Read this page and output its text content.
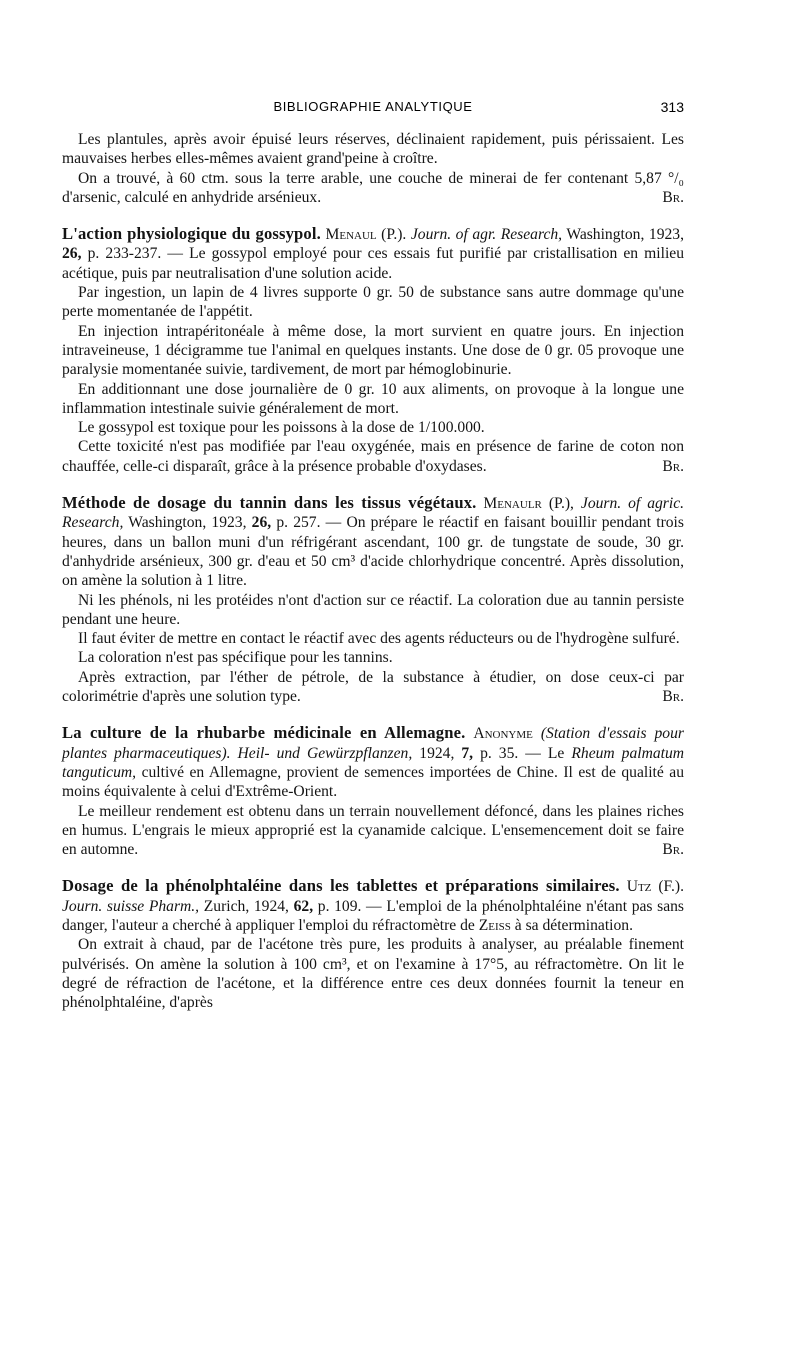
BIBLIOGRAPHIE ANALYTIQUE	313

Les plantules, après avoir épuisé leurs réserves, déclinaient rapidement, puis périssaient. Les mauvaises herbes elles-mêmes avaient grand'peine à croître.

On a trouvé, à 60 ctm. sous la terre arable, une couche de minerai de fer contenant 5,87 °/₀ d'arsenic, calculé en anhydride arsénieux.	Br.

L'action physiologique du gossypol. Menaul (P.). Journ. of agr. Research, Washington, 1923, 26, p. 233-237. — Le gossypol employé pour ces essais fut purifié par cristallisation en milieu acétique, puis par neutralisation d'une solution acide.

Par ingestion, un lapin de 4 livres supporte 0 gr. 50 de substance sans autre dommage qu'une perte momentanée de l'appétit.

En injection intrapéritonéale à même dose, la mort survient en quatre jours. En injection intraveineuse, 1 décigramme tue l'animal en quelques instants. Une dose de 0 gr. 05 provoque une paralysie momentanée suivie, tardivement, de mort par hémoglobinurie.

En additionnant une dose journalière de 0 gr. 10 aux aliments, on provoque à la longue une inflammation intestinale suivie généralement de mort.

Le gossypol est toxique pour les poissons à la dose de 1/100.000.

Cette toxicité n'est pas modifiée par l'eau oxygénée, mais en présence de farine de coton non chauffée, celle-ci disparaît, grâce à la présence probable d'oxydases.	Br.

Méthode de dosage du tannin dans les tissus végétaux. Menaulr (P.), Journ. of agric. Research, Washington, 1923, 26, p. 257. — On prépare le réactif en faisant bouillir pendant trois heures, dans un ballon muni d'un réfrigérant ascendant, 100 gr. de tungstate de soude, 30 gr. d'anhydride arsénieux, 300 gr. d'eau et 50 cm³ d'acide chlorhydrique concentré. Après dissolution, on amène la solution à 1 litre.

Ni les phénols, ni les protéides n'ont d'action sur ce réactif. La coloration due au tannin persiste pendant une heure.

Il faut éviter de mettre en contact le réactif avec des agents réducteurs ou de l'hydrogène sulfuré.

La coloration n'est pas spécifique pour les tannins.

Après extraction, par l'éther de pétrole, de la substance à étudier, on dose ceux-ci par colorimétrie d'après une solution type.	Br.

La culture de la rhubarbe médicinale en Allemagne. Anonyme (Station d'essais pour plantes pharmaceutiques). Heil- und Gewürzpflanzen, 1924, 7, p. 35. — Le Rheum palmatum tanguticum, cultivé en Allemagne, provient de semences importées de Chine. Il est de qualité au moins équivalente à celui d'Extrême-Orient.

Le meilleur rendement est obtenu dans un terrain nouvellement défoncé, dans les plaines riches en humus. L'engrais le mieux approprié est la cyanamide calcique. L'ensemencement doit se faire en automne.	Br.

Dosage de la phénolphtaléine dans les tablettes et préparations similaires. Utz (F.). Journ. suisse Pharm., Zurich, 1924, 62, p. 109. — L'emploi de la phénolphtaléine n'étant pas sans danger, l'auteur a cherché à appliquer l'emploi du réfractomètre de Zeiss à sa détermination.

On extrait à chaud, par de l'acétone très pure, les produits à analyser, au préalable finement pulvérisés. On amène la solution à 100 cm³, et on l'examine à 17°5, au réfractomètre. On lit le degré de réfraction de l'acétone, et la différence entre ces deux données fournit la teneur en phénolphtaléine, d'après
